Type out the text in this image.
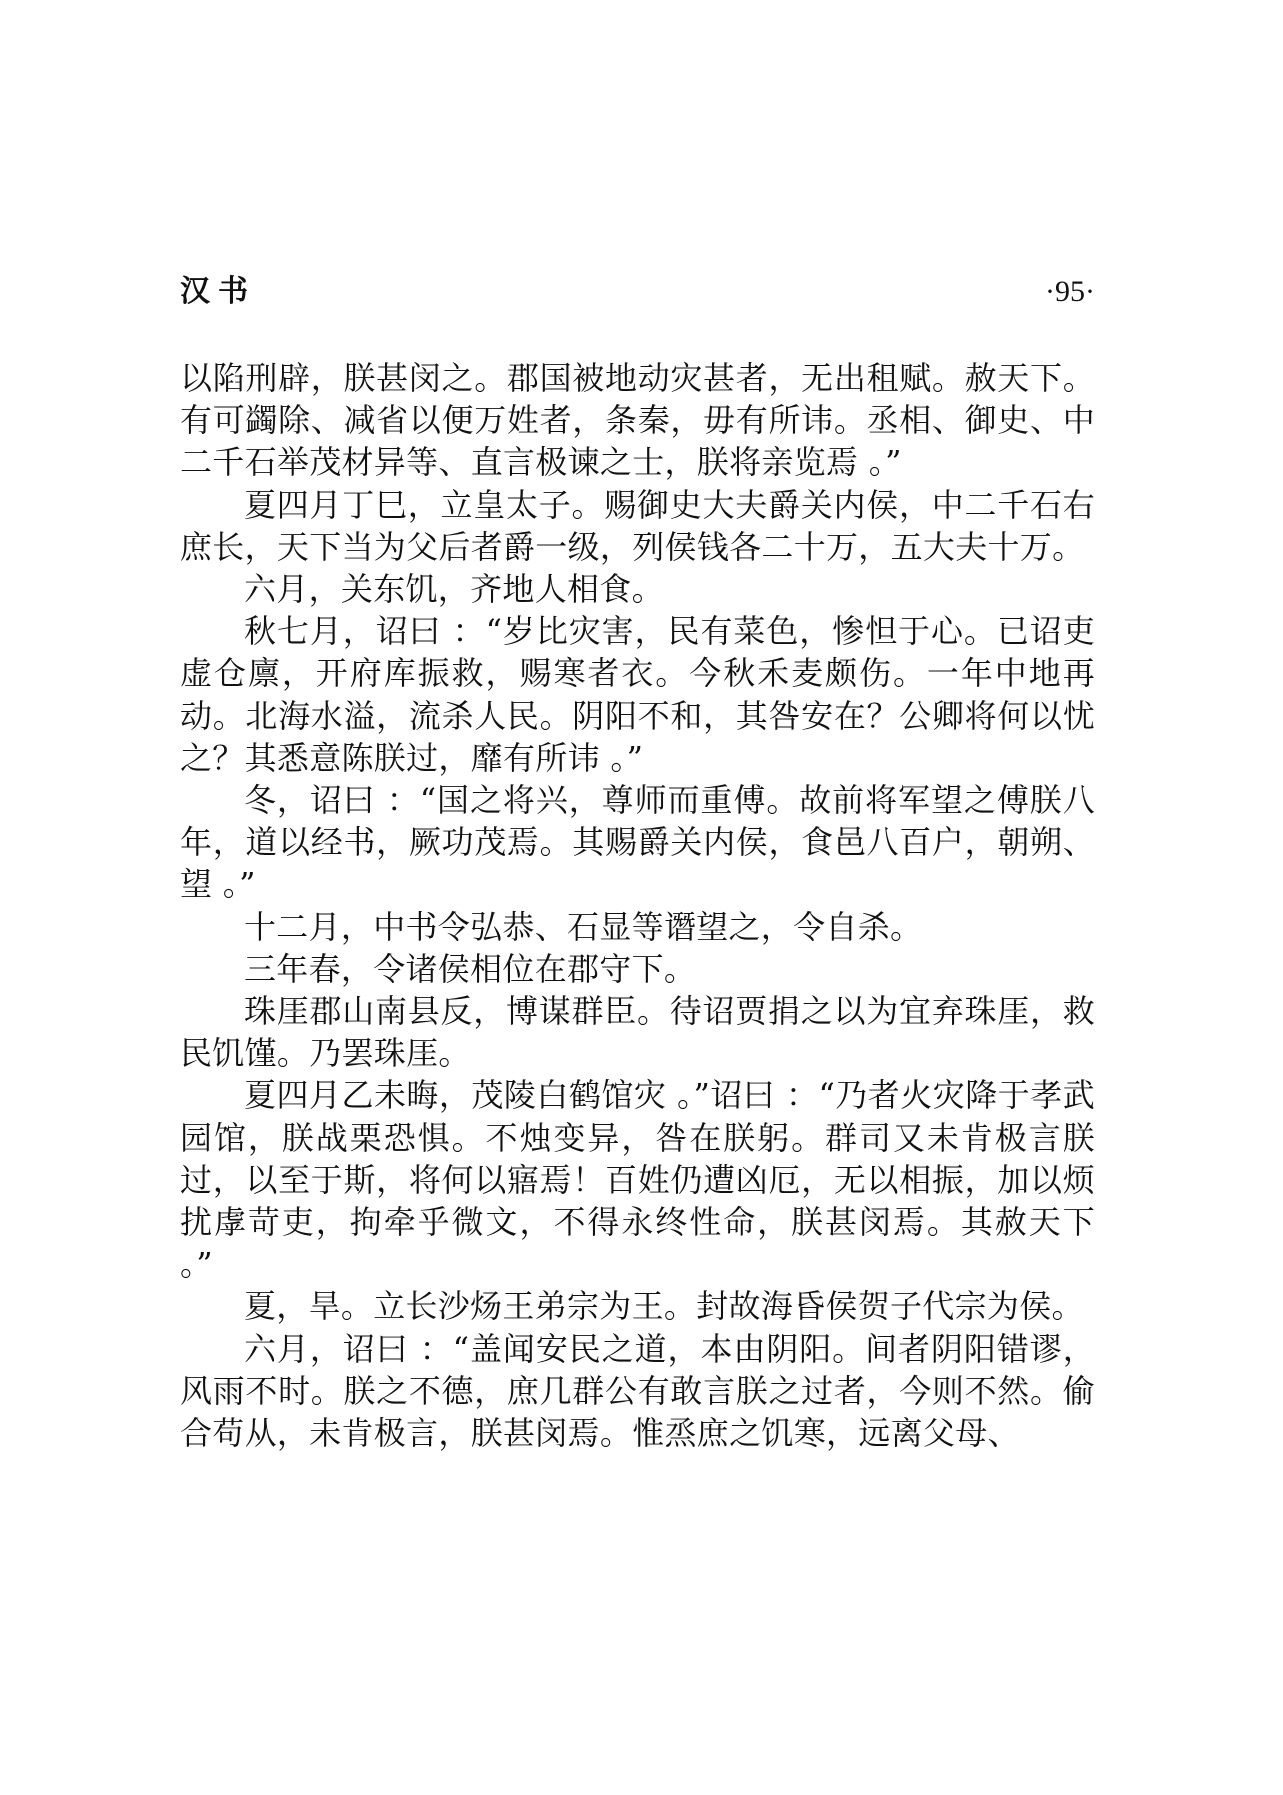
汉书	·95·

以陷刑辟，朕甚闵之。郡国被地动灾甚者，无出租赋。赦天下。有可蠲除、减省以便万姓者，条秦，毋有所讳。丞相、御史、中二千石举茂材异等、直言极谏之士，朕将亲览焉 。”

夏四月丁巳，立皇太子。赐御史大夫爵关内侯，中二千石右庶长，天下当为父后者爵一级，列侯钱各二十万，五大夫十万。

六月，关东饥，齐地人相食。

秋七月，诏曰 ：“岁比灾害，民有菜色，惨怛于心。已诏吏虚仓廪，开府库振救，赐寒者衣。今秋禾麦颇伤。一年中地再动。北海水溢，流杀人民。阴阳不和，其咎安在？公卿将何以忧之？其悉意陈朕过，靡有所讳 。”

冬，诏曰 ：“国之将兴，尊师而重傅。故前将军望之傅朕八年，道以经书，厥功茂焉。其赐爵关内侯，食邑八百户，朝朔、望 。”

十二月，中书令弘恭、石显等谮望之，令自杀。

三年春，令诸侯相位在郡守下。

珠厓郡山南县反，博谋群臣。待诏贾捐之以为宜弃珠厓，救民饥馑。乃罢珠厓。

夏四月乙未晦，茂陵白鹤馆灾 。”诏曰 ：“乃者火灾降于孝武园馆，朕战栗恐惧。不烛变异，咎在朕躬。群司又未肯极言朕过，以至于斯，将何以寤焉！百姓仍遭凶厄，无以相振，加以烦扰虖苛吏，拘牵乎微文，不得永终性命，朕甚闵焉。其赦天下 。”

夏，旱。立长沙炀王弟宗为王。封故海昏侯贺子代宗为侯。

六月，诏曰 ：“盖闻安民之道，本由阴阳。间者阴阳错谬，风雨不时。朕之不德，庶几群公有敢言朕之过者，今则不然。偷合苟从，未肯极言，朕甚闵焉。惟烝庶之饥寒，远离父母、
